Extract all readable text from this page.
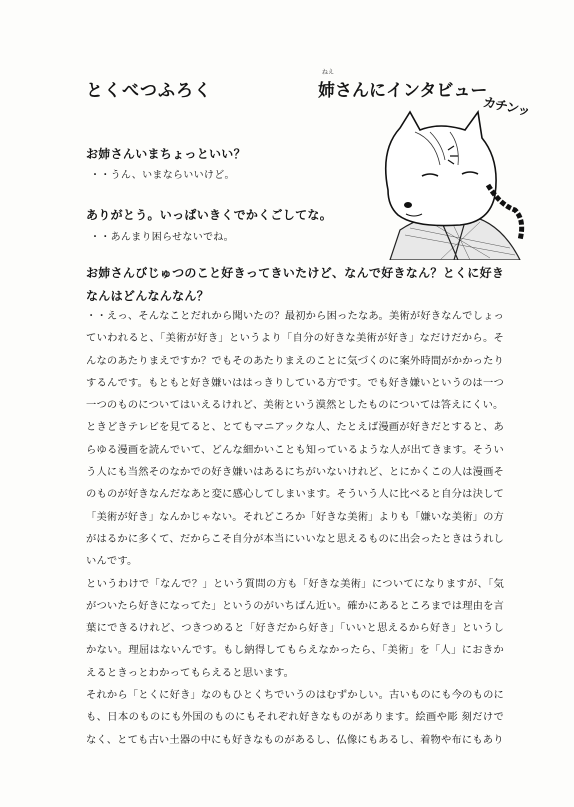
とくべつふろく
ねえ
姉さんにインタビュー
カチンッ
お姉さんいまちょっといい？
・・うん、いまならいいけど。
ありがとう。いっぱいきくでかくごしてな。
・・あんまり困らせないでね。
お姉さんびじゅつのこと好きってきいたけど、なんで好きなん？とくに好きなんはどんなんなん？

・・えっ、そんなことだれから聞いたの？最初から困ったなあ。美術が好きなんでしょっていわれると、「美術が好き」というより「自分の好きな美術が好き」なだけだから。そんなのあたりまえですか？でもそのあたりまえのことに気づくのに案外時間がかかったりするんです。もともと好き嫌いははっきりしている方です。でも好き嫌いというのは一つ一つのものについてはいえるけれど、美術という漠然としたものについては答えにくい。

ときどきテレビを見てると、とてもマニアックな人、たとえば漫画が好きだとすると、あらゆる漫画を読んでいて、どんな細かいことも知っているような人が出てきます。そういう人にも当然そのなかでの好き嫌いはあるにちがいないけれど、とにかくこの人は漫画そのものが好きなんだなあと変に感心してしまいます。そういう人に比べると自分は決して「美術が好き」なんかじゃない。それどころか「好きな美術」よりも「嫌いな美術」の方がはるかに多くて、だからこそ自分が本当にいいなと思えるものに出会ったときはうれしいんです。

というわけで「なんで？」という質問の方も「好きな美術」についてになりますが、「気がついたら好きになってた」というのがいちばん近い。確かにあるところまでは理由を言葉にできるけれど、つきつめると「好きだから好き」「いいと思えるから好き」というしかない。理屈はないんです。もし納得してもらえなかったら、「美術」を「人」におきかえるときっとわかってもらえると思います。

それから「とくに好き」なのもひとくちでいうのはむずかしい。古いものにも今のものにも、日本のものにも外国のものにもそれぞれ好きなものがあります。絵画や彫 刻だけでなく、とても古い土器の中にも好きなものがあるし、仏像にもあるし、着物や布にもあり
